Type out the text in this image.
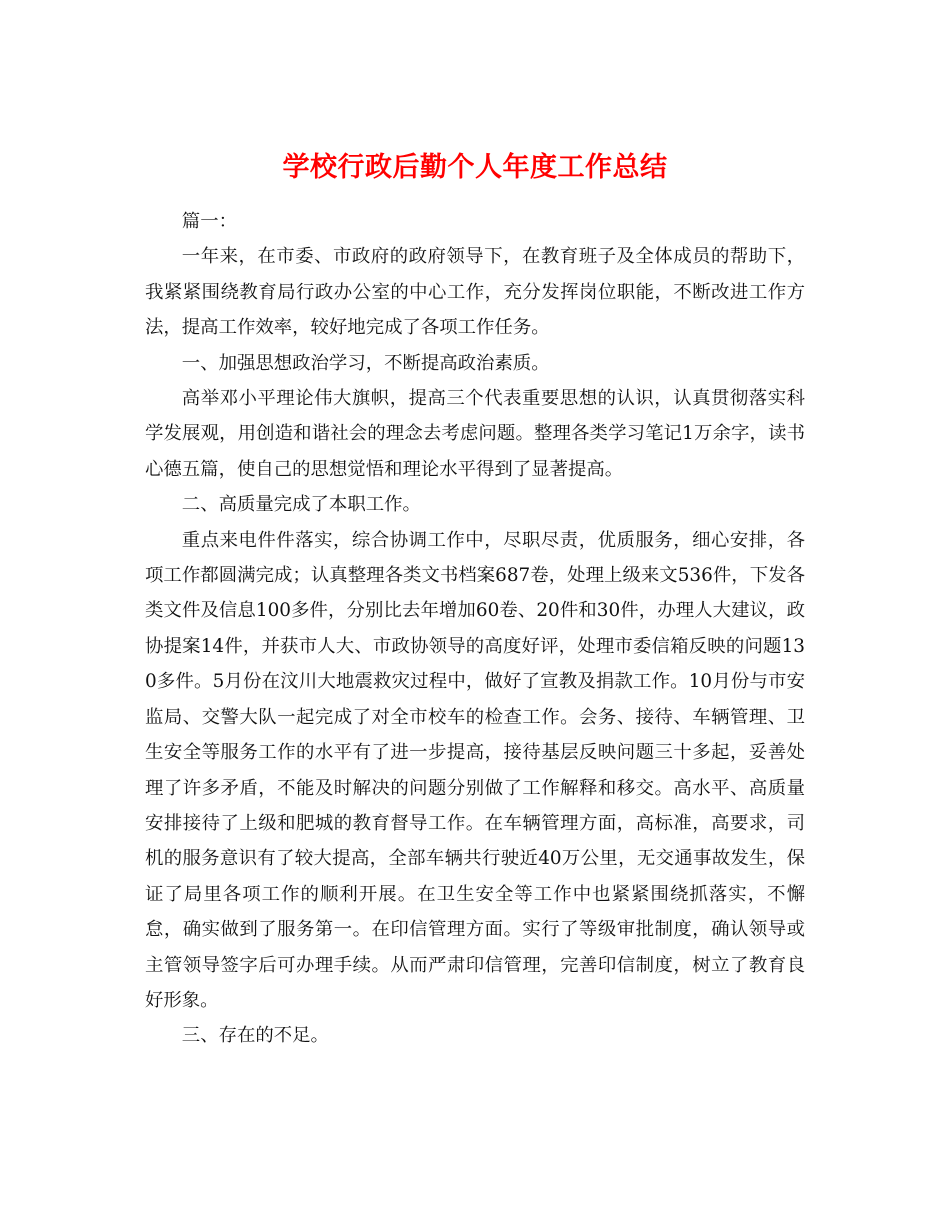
学校行政后勤个人年度工作总结

篇一：

一年来，在市委、市政府的政府领导下，在教育班子及全体成员的帮助下，我紧紧围绕教育局行政办公室的中心工作，充分发挥岗位职能，不断改进工作方法，提高工作效率，较好地完成了各项工作任务。

一、加强思想政治学习，不断提高政治素质。

高举邓小平理论伟大旗帜，提高三个代表重要思想的认识，认真贯彻落实科学发展观，用创造和谐社会的理念去考虑问题。整理各类学习笔记1万余字，读书心德五篇，使自己的思想觉悟和理论水平得到了显著提高。

二、高质量完成了本职工作。

重点来电件件落实，综合协调工作中，尽职尽责，优质服务，细心安排，各项工作都圆满完成；认真整理各类文书档案687卷，处理上级来文536件，下发各类文件及信息100多件，分别比去年增加60卷、20件和30件，办理人大建议，政协提案14件，并获市人大、市政协领导的高度好评，处理市委信箱反映的问题130多件。5月份在汶川大地震救灾过程中，做好了宣教及捐款工作。10月份与市安监局、交警大队一起完成了对全市校车的检查工作。会务、接待、车辆管理、卫生安全等服务工作的水平有了进一步提高，接待基层反映问题三十多起，妥善处理了许多矛盾，不能及时解决的问题分别做了工作解释和移交。高水平、高质量安排接待了上级和肥城的教育督导工作。在车辆管理方面，高标准，高要求，司机的服务意识有了较大提高，全部车辆共行驶近40万公里，无交通事故发生，保证了局里各项工作的顺利开展。在卫生安全等工作中也紧紧围绕抓落实，不懈怠，确实做到了服务第一。在印信管理方面。实行了等级审批制度，确认领导或主管领导签字后可办理手续。从而严肃印信管理，完善印信制度，树立了教育良好形象。

三、存在的不足。
